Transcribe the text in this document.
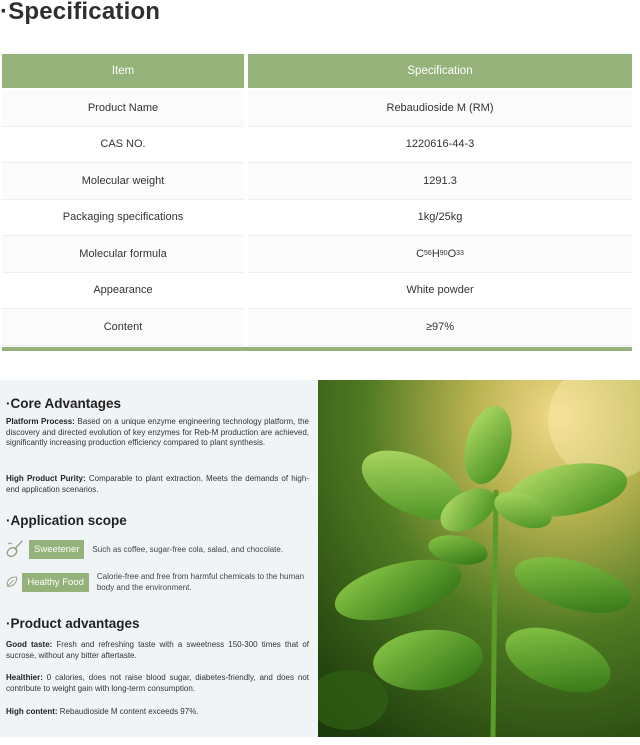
·Specification
Item	Specification
Product Name	Rebaudioside M (RM)
CAS NO.	1220616-44-3
Molecular weight	1291.3
Packaging specifications	1kg/25kg
Molecular formula	C 56 H 90 O 33
Appearance	White powder
Content	≥97%
·Core Advantages
Platform Process: Based on a unique enzyme engineering technology platform, the discovery and directed evolution of key enzymes for Reb-M production are achieved, significantly increasing production efficiency compared to plant synthesis.
High Product Purity: Comparable to plant extraction. Meets the demands of high-end application scenarios.
·Application scope
Sweetener	Such as coffee, sugar-free cola, salad, and chocolate.
Healthy Food	Calorie-free and free from harmful chemicals to the human body and the environment.
·Product advantages
Good taste: Fresh and refreshing taste with a sweetness 150-300 times that of sucrose, without any bitter aftertaste.
Healthier: 0 calories, does not raise blood sugar, diabetes-friendly, and does not contribute to weight gain with long-term consumption.
High content: Rebaudioside M content exceeds 97%.
